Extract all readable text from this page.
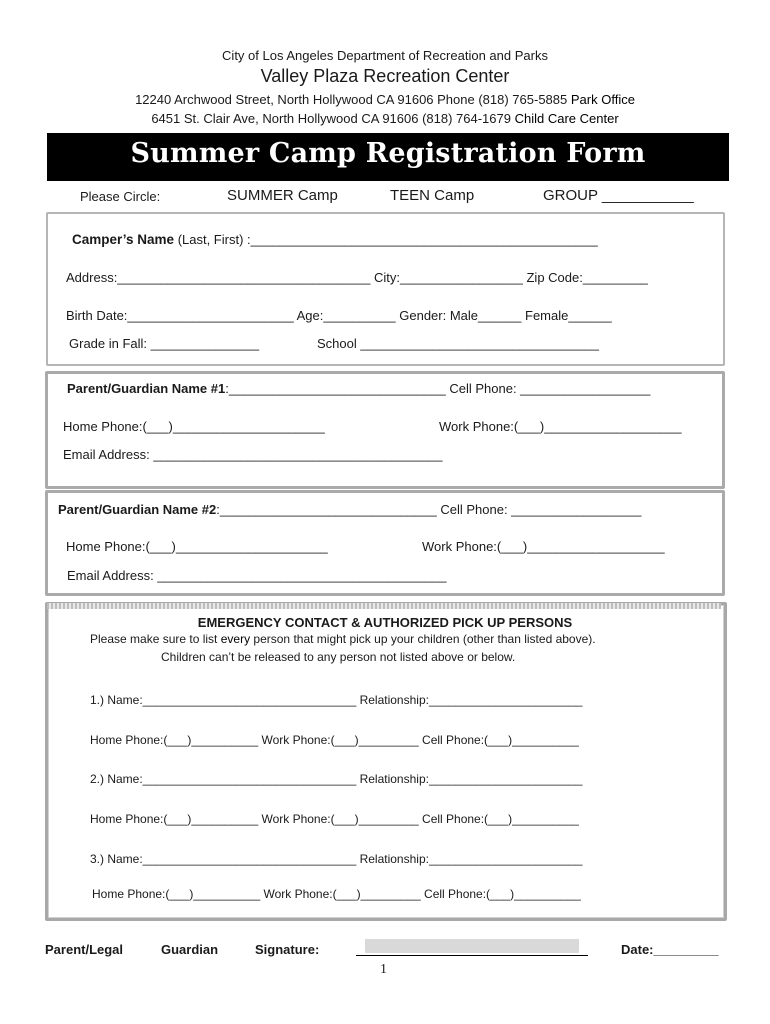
City of Los Angeles Department of Recreation and Parks
Valley Plaza Recreation Center
12240 Archwood Street, North Hollywood CA 91606 Phone (818) 765-5885 Park Office
6451 St. Clair Ave, North Hollywood CA 91606 (818) 764-1679 Child Care Center
Summer Camp Registration Form
Please Circle:	SUMMER Camp	TEEN Camp	GROUP ___________
Camper’s Name (Last, First) :________________________________________________
Address:___________________________________ City:_________________ Zip Code:_________
Birth Date:_______________________ Age:__________ Gender: Male______ Female______
Grade in Fall: _______________	School _________________________________
Parent/Guardian Name #1:______________________________ Cell Phone: __________________
Home Phone:(___)_____________________	Work Phone:(___)___________________
Email Address: ________________________________________
Parent/Guardian Name #2:______________________________ Cell Phone: __________________
Home Phone:(___)_____________________	Work Phone:(___)___________________
Email Address: ________________________________________
EMERGENCY CONTACT & AUTHORIZED PICK UP PERSONS
Please make sure to list every person that might pick up your children (other than listed above).
Children can’t be released to any person not listed above or below.
1.) Name:________________________________ Relationship:_______________________
Home Phone:(___)__________ Work Phone:(___)_________ Cell Phone:(___)__________
2.) Name:________________________________ Relationship:_______________________
Home Phone:(___)__________ Work Phone:(___)_________ Cell Phone:(___)__________
3.) Name:________________________________ Relationship:_______________________
Home Phone:(___)__________ Work Phone:(___)_________ Cell Phone:(___)__________
Parent/Legal	Guardian	Signature:	Date:_________
1
